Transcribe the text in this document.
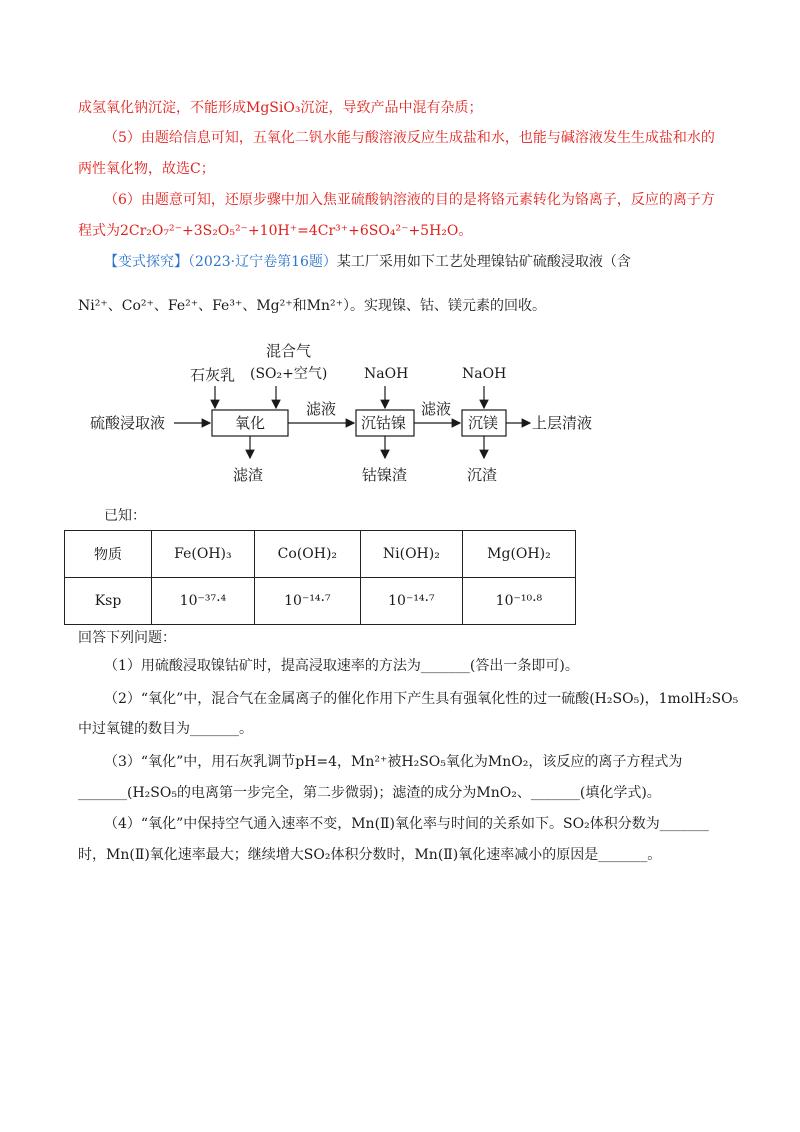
成氢氧化钠沉淀，不能形成MgSiO₃沉淀，导致产品中混有杂质；
（5）由题给信息可知，五氧化二钒水能与酸溶液反应生成盐和水，也能与碱溶液发生生成盐和水的
两性氧化物，故选C；
（6）由题意可知，还原步骤中加入焦亚硫酸钠溶液的目的是将铬元素转化为铬离子，反应的离子方
程式为2Cr₂O₇²⁻+3S₂O₅²⁻+10H⁺=4Cr³⁺+6SO₄²⁻+5H₂O。
【变式探究】（2023·辽宁卷第16题）某工厂采用如下工艺处理镍钴矿硫酸浸取液（含
Ni²⁺、Co²⁺、Fe²⁺、Fe³⁺、Mg²⁺和Mn²⁺）。实现镍、钴、镁元素的回收。
硫酸浸取液	氧化
石灰乳
混合气
(SO₂+空气)
滤液
滤渣
沉钴镍
NaOH
钴镍渣
滤液
沉镁
NaOH
沉渣
上层清液
已知：
物质	Fe(OH)₃	Co(OH)₂	Ni(OH)₂	Mg(OH)₂
Ksp	10⁻³⁷·⁴	10⁻¹⁴·⁷	10⁻¹⁴·⁷	10⁻¹⁰·⁸
回答下列问题：
（1）用硫酸浸取镍钴矿时，提高浸取速率的方法为_______(答出一条即可)。
（2）“氧化”中，混合气在金属离子的催化作用下产生具有强氧化性的过一硫酸(H₂SO₅)，1molH₂SO₅
中过氧键的数目为_______。
（3）“氧化”中，用石灰乳调节pH=4，Mn²⁺被H₂SO₅氧化为MnO₂，该反应的离子方程式为
_______(H₂SO₅的电离第一步完全，第二步微弱)；滤渣的成分为MnO₂、_______(填化学式)。
（4）“氧化”中保持空气通入速率不变，Mn(Ⅱ)氧化率与时间的关系如下。SO₂体积分数为_______
时，Mn(Ⅱ)氧化速率最大；继续增大SO₂体积分数时，Mn(Ⅱ)氧化速率减小的原因是_______。
